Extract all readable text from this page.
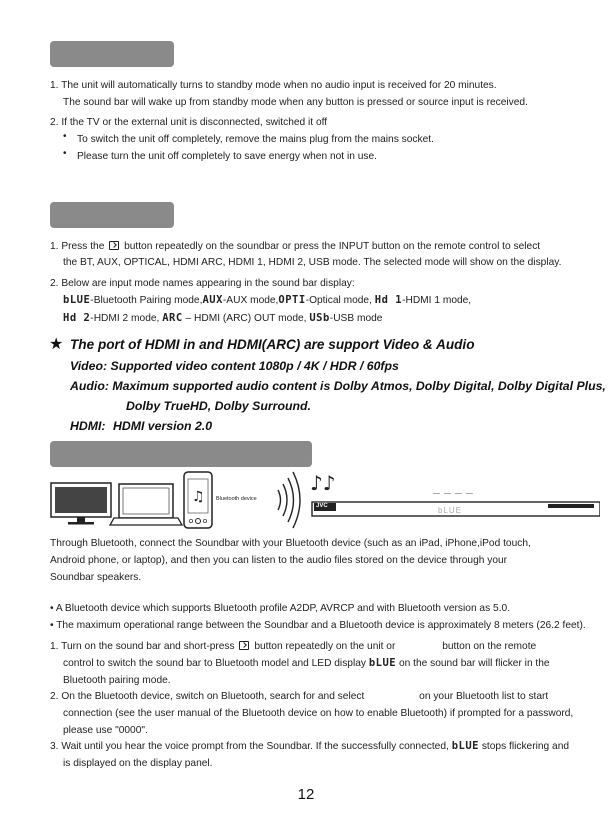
1. The unit will automatically turns to standby mode when no audio input is received for 20 minutes.
The sound bar will wake up from standby mode when any button is pressed or source input is received.
2. If the TV or the external unit is disconnected, switched it off
• To switch the unit off completely, remove the mains plug from the mains socket.
• Please turn the unit off completely to save energy when not in use.
1. Press the button repeatedly on the soundbar or press the INPUT button on the remote control to select
the BT, AUX, OPTICAL, HDMI ARC, HDMI 1, HDMI 2, USB mode. The selected mode will show on the display.
2. Below are input mode names appearing in the sound bar display:
bLUE-Bluetooth Pairing mode,AUX-AUX mode,OPTI-Optical mode, Hd 1-HDMI 1 mode,
Hd 2-HDMI 2 mode, ARC – HDMI (ARC) OUT mode, USb-USB mode
★ The port of HDMI in and HDMI(ARC) are support Video & Audio
Video: Supported video content 1080p / 4K / HDR / 60fps
Audio: Maximum supported audio content is Dolby Atmos, Dolby Digital, Dolby Digital Plus,
Dolby TrueHD, Dolby Surround.
HDMI: HDMI version 2.0
♫
♪♪
Bluetooth device
JVC	bLUE
— — — —
Through Bluetooth, connect the Soundbar with your Bluetooth device (such as an iPad, iPhone,iPod touch,
Android phone, or laptop), and then you can listen to the audio files stored on the device through your
Soundbar speakers.
• A Bluetooth device which supports Bluetooth profile A2DP, AVRCP and with Bluetooth version as 5.0.
• The maximum operational range between the Soundbar and a Bluetooth device is approximately 8 meters (26.2 feet).
1. Turn on the sound bar and short-press button repeatedly on the unit or	button on the remote
control to switch the sound bar to Bluetooth model and LED display bLUE on the sound bar will flicker in the
Bluetooth pairing mode.
2. On the Bluetooth device, switch on Bluetooth, search for and select	on your Bluetooth list to start
connection (see the user manual of the Bluetooth device on how to enable Bluetooth) if prompted for a password,
please use "0000".
3. Wait until you hear the voice prompt from the Soundbar. If the successfully connected, bLUE stops flickering and
is displayed on the display panel.
12
